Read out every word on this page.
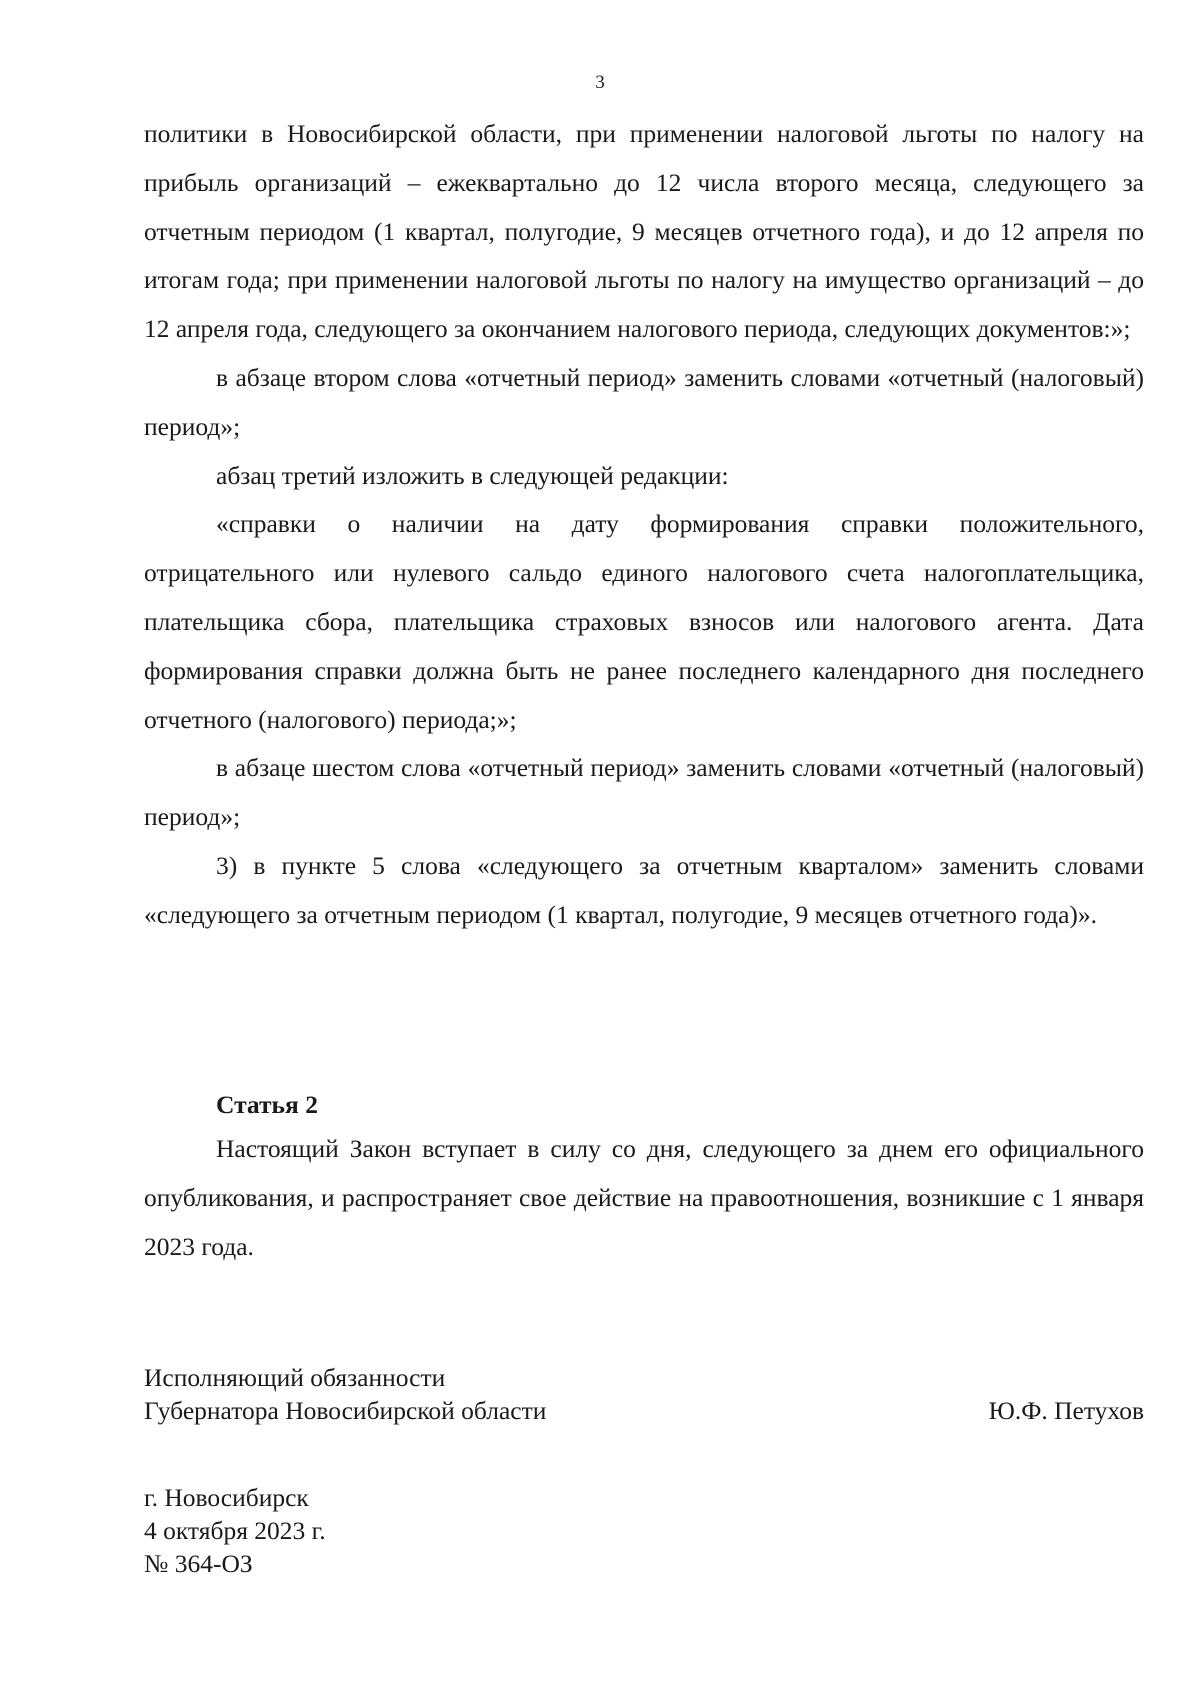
3

политики в Новосибирской области, при применении налоговой льготы по налогу на прибыль организаций – ежеквартально до 12 числа второго месяца, следующего за отчетным периодом (1 квартал, полугодие, 9 месяцев отчетного года), и до 12 апреля по итогам года; при применении налоговой льготы по налогу на имущество организаций – до 12 апреля года, следующего за окончанием налогового периода, следующих документов:»;

в абзаце втором слова «отчетный период» заменить словами «отчетный (налоговый) период»;

абзац третий изложить в следующей редакции:

«справки о наличии на дату формирования справки положительного, отрицательного или нулевого сальдо единого налогового счета налогоплательщика, плательщика сбора, плательщика страховых взносов или налогового агента. Дата формирования справки должна быть не ранее последнего календарного дня последнего отчетного (налогового) периода;»;

в абзаце шестом слова «отчетный период» заменить словами «отчетный (налоговый) период»;

3) в пункте 5 слова «следующего за отчетным кварталом» заменить словами «следующего за отчетным периодом (1 квартал, полугодие, 9 месяцев отчетного года)».

Статья 2

Настоящий Закон вступает в силу со дня, следующего за днем его официального опубликования, и распространяет свое действие на правоотношения, возникшие с 1 января 2023 года.

Исполняющий обязанности
Губернатора Новосибирской области	Ю.Ф. Петухов
г. Новосибирск
4 октября 2023 г.
№ 364-ОЗ
